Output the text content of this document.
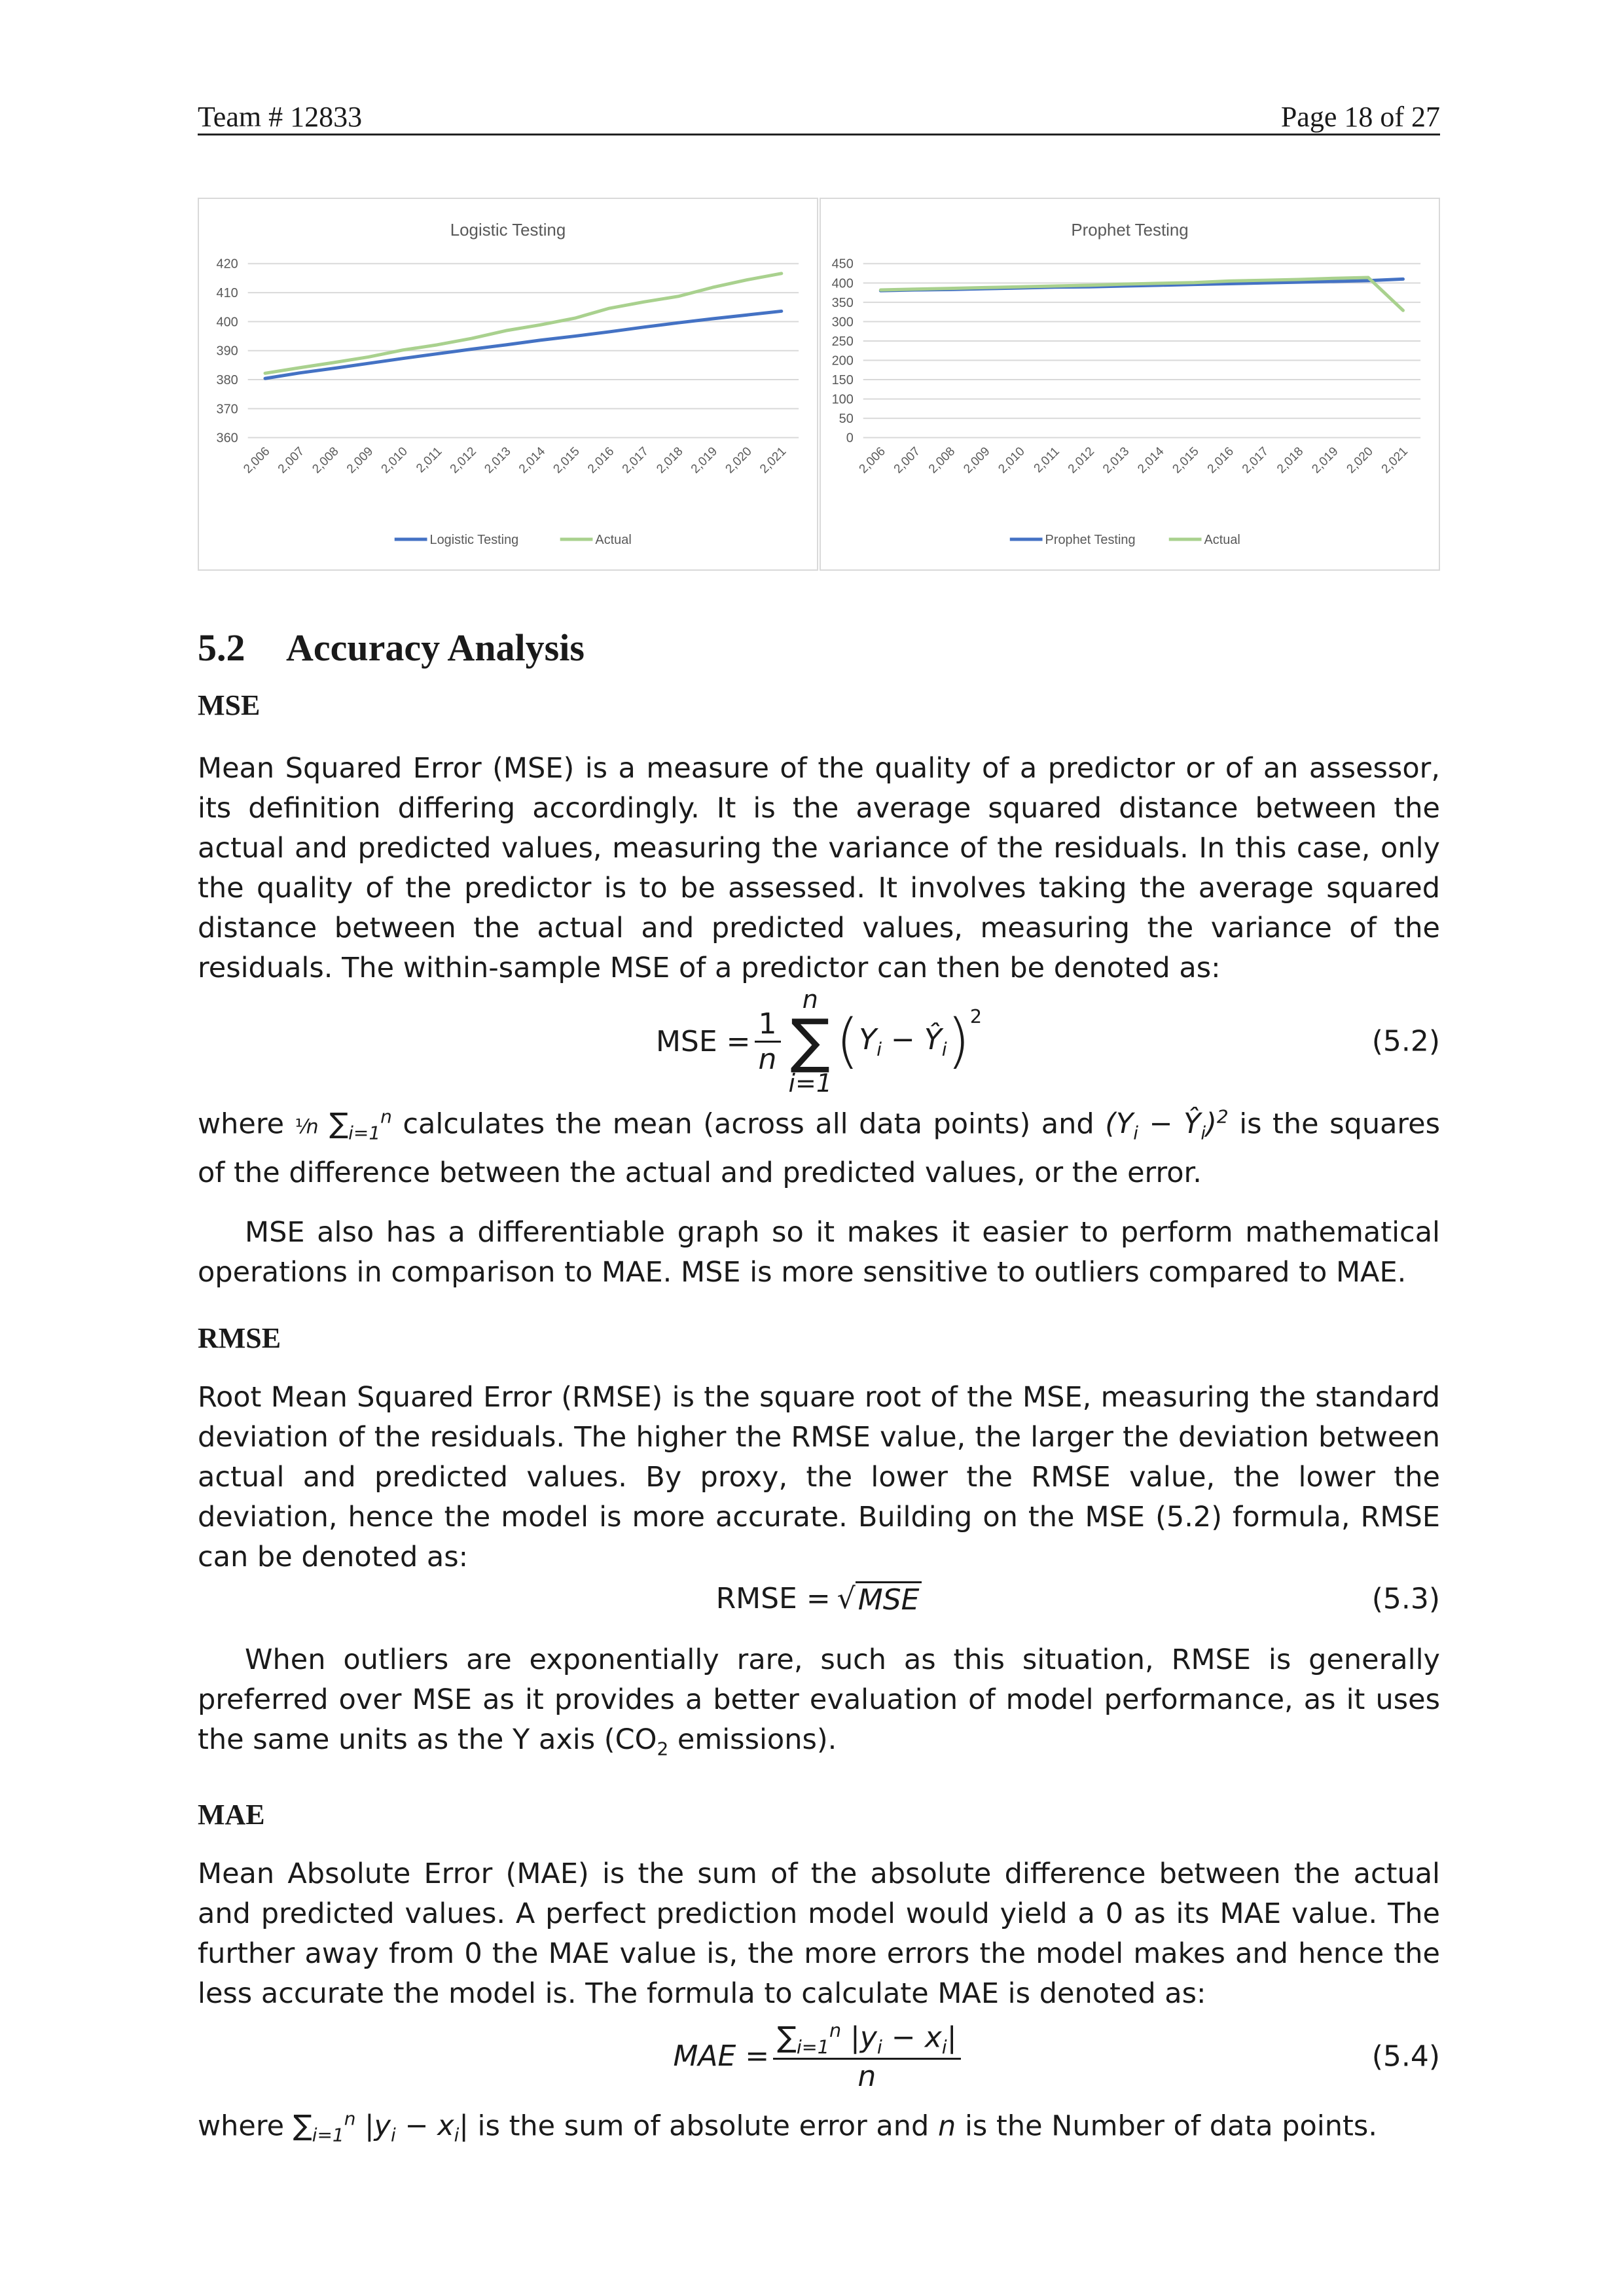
Team # 12833	Page 18 of 27
Logistic Testing
360
370
380
390
400
410
420
2,006 2,007 2,008 2,009 2,010 2,011 2,012 2,013 2,014 2,015 2,016 2,017 2,018 2,019 2,020 2,021
Logistic Testing	Actual
Prophet Testing
0
50
100
150
200
250
300
350
400
450
2,006 2,007 2,008 2,009 2,010 2,011 2,012 2,013 2,014 2,015 2,016 2,017 2,018 2,019 2,020 2,021
Prophet Testing	Actual
5.2 Accuracy Analysis
MSE

Mean Squared Error (MSE) is a measure of the quality of a predictor or of an assessor, its definition differing accordingly. It is the average squared distance between the actual and predicted values, measuring the variance of the residuals. In this case, only the quality of the predictor is to be assessed. It involves taking the average squared distance between the actual and predicted values, measuring the variance of the residuals. The within-sample MSE of a predictor can then be denoted as:

MSE = $\frac{1}{n}$
n
∑
i=1
( $Y_i$ − $Ŷ_i$ )$^2$
(5.2)

where ¹⁄n $\sum_{i=1}^n$ calculates the mean (across all data points) and ($Y_i$ − $Ŷ_i)^2$ is the squares of the difference between the actual and predicted values, or the error.

MSE also has a differentiable graph so it makes it easier to perform mathematical operations in comparison to MAE. MSE is more sensitive to outliers compared to MAE.

RMSE

Root Mean Squared Error (RMSE) is the square root of the MSE, measuring the standard deviation of the residuals. The higher the RMSE value, the larger the deviation between actual and predicted values. By proxy, the lower the RMSE value, the lower the deviation, hence the model is more accurate. Building on the MSE (5.2) formula, RMSE can be denoted as:

RMSE = √ MSE	(5.3)

When outliers are exponentially rare, such as this situation, RMSE is generally preferred over MSE as it provides a better evaluation of model performance, as it uses the same units as the Y axis ($CO_2$ emissions).

MAE

Mean Absolute Error (MAE) is the sum of the absolute difference between the actual and predicted values. A perfect prediction model would yield a 0 as its MAE value. The further away from 0 the MAE value is, the more errors the model makes and hence the less accurate the model is. The formula to calculate MAE is denoted as:

MAE = $\frac{\sum_{i=1}^n |y_i - x_i|}{n}$	(5.4)

where $\sum_{i=1}^n$ $|y_i - x_i|$ is the sum of absolute error and n is the Number of data points.
